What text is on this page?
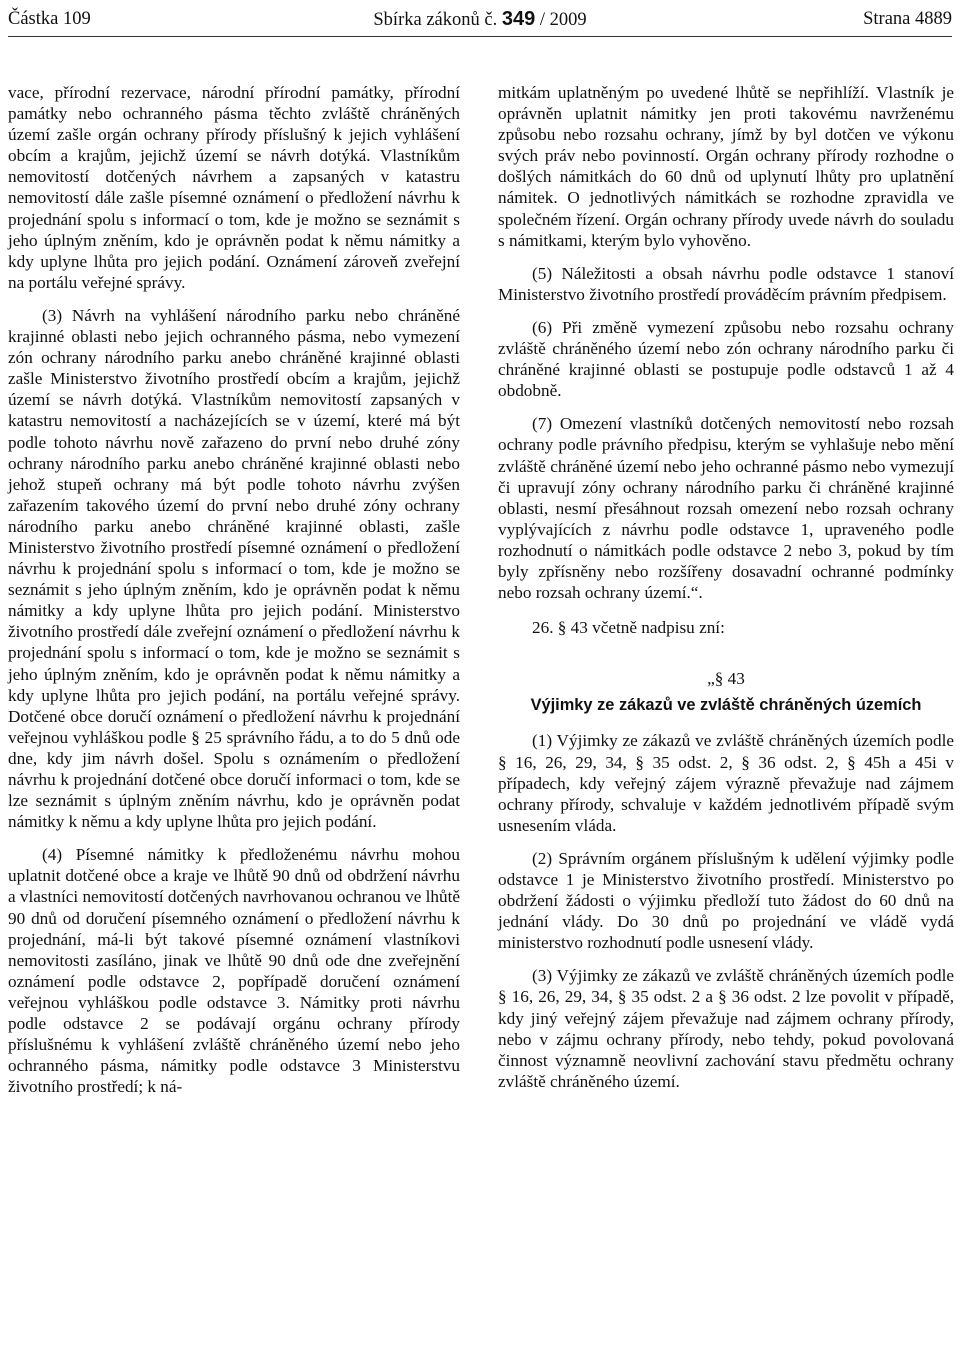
Částka 109	Sbírka zákonů č. 349 / 2009	Strana 4889

vace, přírodní rezervace, národní přírodní památky, přírodní památky nebo ochranného pásma těchto zvláště chráněných území zašle orgán ochrany přírody příslušný k jejich vyhlášení obcím a krajům, jejichž území se návrh dotýká. Vlastníkům nemovitostí dotčených návrhem a zapsaných v katastru nemovitostí dále zašle písemné oznámení o předložení návrhu k projednání spolu s informací o tom, kde je možno se seznámit s jeho úplným zněním, kdo je oprávněn podat k němu námitky a kdy uplyne lhůta pro jejich podání. Oznámení zároveň zveřejní na portálu veřejné správy.

(3) Návrh na vyhlášení národního parku nebo chráněné krajinné oblasti nebo jejich ochranného pásma, nebo vymezení zón ochrany národního parku anebo chráněné krajinné oblasti zašle Ministerstvo životního prostředí obcím a krajům, jejichž území se návrh dotýká. Vlastníkům nemovitostí zapsaných v katastru nemovitostí a nacházejících se v území, které má být podle tohoto návrhu nově zařazeno do první nebo druhé zóny ochrany národního parku anebo chráněné krajinné oblasti nebo jehož stupeň ochrany má být podle tohoto návrhu zvýšen zařazením takového území do první nebo druhé zóny ochrany národního parku anebo chráněné krajinné oblasti, zašle Ministerstvo životního prostředí písemné oznámení o předložení návrhu k projednání spolu s informací o tom, kde je možno se seznámit s jeho úplným zněním, kdo je oprávněn podat k němu námitky a kdy uplyne lhůta pro jejich podání. Ministerstvo životního prostředí dále zveřejní oznámení o předložení návrhu k projednání spolu s informací o tom, kde je možno se seznámit s jeho úplným zněním, kdo je oprávněn podat k němu námitky a kdy uplyne lhůta pro jejich podání, na portálu veřejné správy. Dotčené obce doručí oznámení o předložení návrhu k projednání veřejnou vyhláškou podle § 25 správního řádu, a to do 5 dnů ode dne, kdy jim návrh došel. Spolu s oznámením o předložení návrhu k projednání dotčené obce doručí informaci o tom, kde se lze seznámit s úplným zněním návrhu, kdo je oprávněn podat námitky k němu a kdy uplyne lhůta pro jejich podání.

(4) Písemné námitky k předloženému návrhu mohou uplatnit dotčené obce a kraje ve lhůtě 90 dnů od obdržení návrhu a vlastníci nemovitostí dotčených navrhovanou ochranou ve lhůtě 90 dnů od doručení písemného oznámení o předložení návrhu k projednání, má-li být takové písemné oznámení vlastníkovi nemovitosti zasíláno, jinak ve lhůtě 90 dnů ode dne zveřejnění oznámení podle odstavce 2, popřípadě doručení oznámení veřejnou vyhláškou podle odstavce 3. Námitky proti návrhu podle odstavce 2 se podávají orgánu ochrany přírody příslušnému k vyhlášení zvláště chráněného území nebo jeho ochranného pásma, námitky podle odstavce 3 Ministerstvu životního prostředí; k ná-

mitkám uplatněným po uvedené lhůtě se nepřihlíží. Vlastník je oprávněn uplatnit námitky jen proti takovému navrženému způsobu nebo rozsahu ochrany, jímž by byl dotčen ve výkonu svých práv nebo povinností. Orgán ochrany přírody rozhodne o došlých námitkách do 60 dnů od uplynutí lhůty pro uplatnění námitek. O jednotlivých námitkách se rozhodne zpravidla ve společném řízení. Orgán ochrany přírody uvede návrh do souladu s námitkami, kterým bylo vyhověno.

(5) Náležitosti a obsah návrhu podle odstavce 1 stanoví Ministerstvo životního prostředí prováděcím právním předpisem.

(6) Při změně vymezení způsobu nebo rozsahu ochrany zvláště chráněného území nebo zón ochrany národního parku či chráněné krajinné oblasti se postupuje podle odstavců 1 až 4 obdobně.

(7) Omezení vlastníků dotčených nemovitostí nebo rozsah ochrany podle právního předpisu, kterým se vyhlašuje nebo mění zvláště chráněné území nebo jeho ochranné pásmo nebo vymezují či upravují zóny ochrany národního parku či chráněné krajinné oblasti, nesmí přesáhnout rozsah omezení nebo rozsah ochrany vyplývajících z návrhu podle odstavce 1, upraveného podle rozhodnutí o námitkách podle odstavce 2 nebo 3, pokud by tím byly zpřísněny nebo rozšířeny dosavadní ochranné podmínky nebo rozsah ochrany území.“.

26. § 43 včetně nadpisu zní:

„§ 43

Výjimky ze zákazů ve zvláště chráněných územích

(1) Výjimky ze zákazů ve zvláště chráněných územích podle § 16, 26, 29, 34, § 35 odst. 2, § 36 odst. 2, § 45h a 45i v případech, kdy veřejný zájem výrazně převažuje nad zájmem ochrany přírody, schvaluje v každém jednotlivém případě svým usnesením vláda.

(2) Správním orgánem příslušným k udělení výjimky podle odstavce 1 je Ministerstvo životního prostředí. Ministerstvo po obdržení žádosti o výjimku předloží tuto žádost do 60 dnů na jednání vlády. Do 30 dnů po projednání ve vládě vydá ministerstvo rozhodnutí podle usnesení vlády.

(3) Výjimky ze zákazů ve zvláště chráněných územích podle § 16, 26, 29, 34, § 35 odst. 2 a § 36 odst. 2 lze povolit v případě, kdy jiný veřejný zájem převažuje nad zájmem ochrany přírody, nebo v zájmu ochrany přírody, nebo tehdy, pokud povolovaná činnost významně neovlivní zachování stavu předmětu ochrany zvláště chráněného území.
